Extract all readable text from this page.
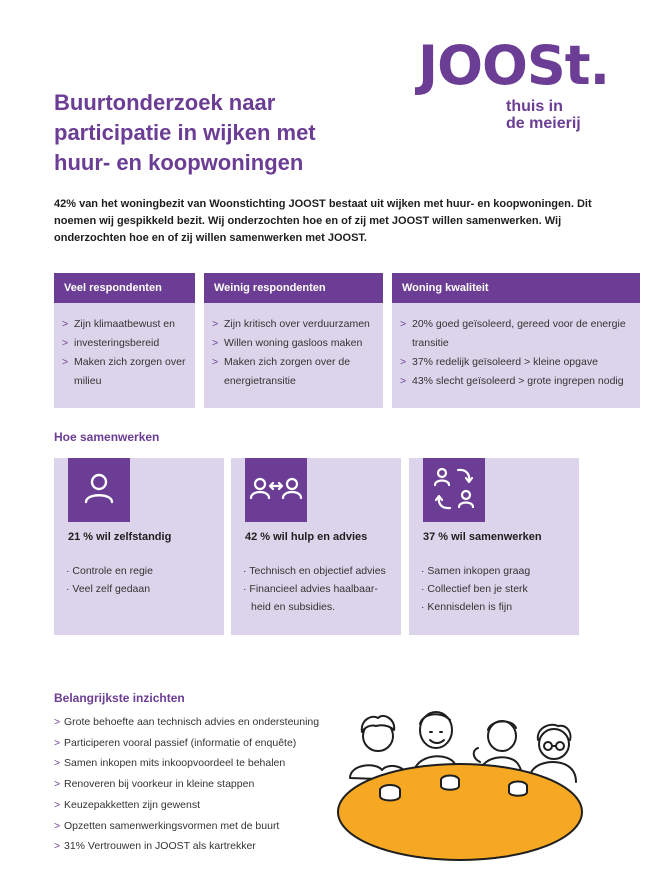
JOOSt.
thuis in
de meierij
Buurtonderzoek naar participatie in wijken met huur- en koopwoningen

42% van het woningbezit van Woonstichting JOOST bestaat uit wijken met huur- en koopwoningen. Dit noemen wij gespikkeld bezit. Wij onderzochten hoe en of zij met JOOST willen samenwerken. Wij onderzochten hoe en of zij willen samenwerken met JOOST.

Veel respondenten
> Zijn klimaatbewust en
> investeringsbereid
> Maken zich zorgen over milieu
Weinig respondenten
> Zijn kritisch over verduurzamen
> Willen woning gasloos maken
> Maken zich zorgen over de energietransitie
Woning kwaliteit
> 20% goed geïsoleerd, gereed voor de energie transitie
> 37% redelijk geïsoleerd > kleine opgave
> 43% slecht geïsoleerd > grote ingrepen nodig
Hoe samenwerken
21 % wil zelfstandig
· Controle en regie
· Veel zelf gedaan
42 % wil hulp en advies
· Technisch en objectief advies
· Financieel advies haalbaar-
heid en subsidies.
37 % wil samenwerken
· Samen inkopen graag
· Collectief ben je sterk
· Kennisdelen is fijn
Belangrijkste inzichten
> Grote behoefte aan technisch advies en ondersteuning
> Participeren vooral passief (informatie of enquête)
> Samen inkopen mits inkoopvoordeel te behalen
> Renoveren bij voorkeur in kleine stappen
> Keuzepakketten zijn gewenst
> Opzetten samenwerkingsvormen met de buurt
> 31% Vertrouwen in JOOST als kartrekker
